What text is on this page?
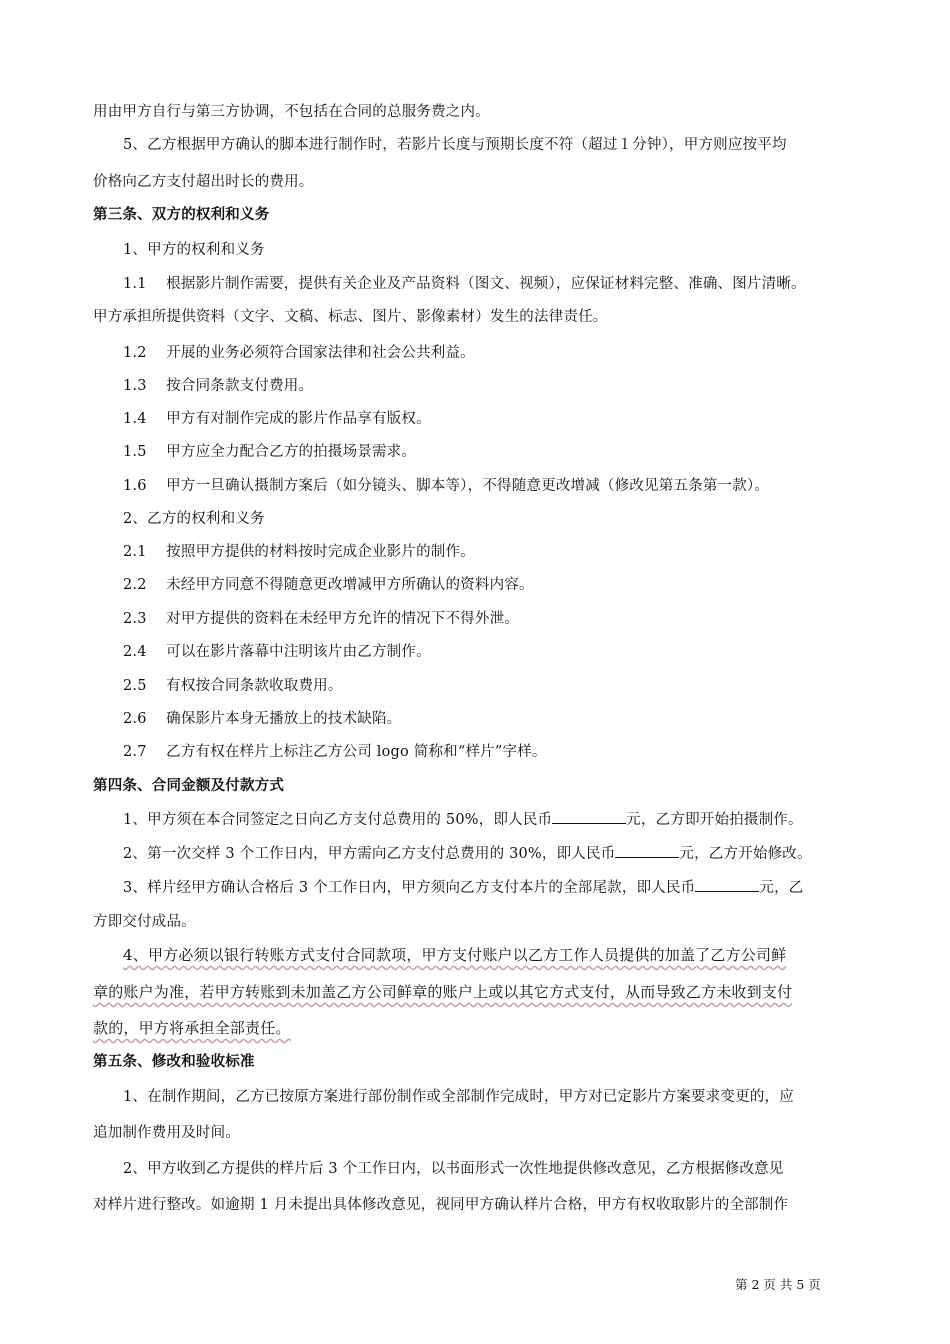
用由甲方自行与第三方协调，不包括在合同的总服务费之内。
5、乙方根据甲方确认的脚本进行制作时，若影片长度与预期长度不符（超过１分钟），甲方则应按平均
价格向乙方支付超出时长的费用。
第三条、双方的权利和义务
1、甲方的权利和义务
1.1　 根据影片制作需要，提供有关企业及产品资料（图文、视频），应保证材料完整、准确、图片清晰。
甲方承担所提供资料（文字、文稿、标志、图片、影像素材）发生的法律责任。
1.2　 开展的业务必须符合国家法律和社会公共利益。
1.3　 按合同条款支付费用。
1.4　 甲方有对制作完成的影片作品享有版权。
1.5　 甲方应全力配合乙方的拍摄场景需求。
1.6　 甲方一旦确认摄制方案后（如分镜头、脚本等），不得随意更改增减（修改见第五条第一款）。
2、乙方的权利和义务
2.1　 按照甲方提供的材料按时完成企业影片的制作。
2.2　 未经甲方同意不得随意更改增减甲方所确认的资料内容。
2.3　 对甲方提供的资料在未经甲方允许的情况下不得外泄。
2.4　 可以在影片落幕中注明该片由乙方制作。
2.5　 有权按合同条款收取费用。
2.6　 确保影片本身无播放上的技术缺陷。
2.7　 乙方有权在样片上标注乙方公司 logo 简称和“样片”字样。
第四条、合同金额及付款方式
1、甲方须在本合同签定之日向乙方支付总费用的 50%，即人民币	元，乙方即开始拍摄制作。
2、第一次交样 3 个工作日内，甲方需向乙方支付总费用的 30%，即人民币	元，乙方开始修改。
3、样片经甲方确认合格后 3 个工作日内，甲方须向乙方支付本片的全部尾款，即人民币	元，乙
方即交付成品。
4、甲方必须以银行转账方式支付合同款项，甲方支付账户以乙方工作人员提供的加盖了乙方公司鲜
章的账户为准，若甲方转账到未加盖乙方公司鲜章的账户上或以其它方式支付，从而导致乙方未收到支付
款的，甲方将承担全部责任。
第五条、修改和验收标准
1、在制作期间，乙方已按原方案进行部份制作或全部制作完成时，甲方对已定影片方案要求变更的，应
追加制作费用及时间。
2、甲方收到乙方提供的样片后 3 个工作日内，以书面形式一次性地提供修改意见，乙方根据修改意见
对样片进行整改。如逾期 1 月未提出具体修改意见，视同甲方确认样片合格，甲方有权收取影片的全部制作
第 2 页 共 5 页
